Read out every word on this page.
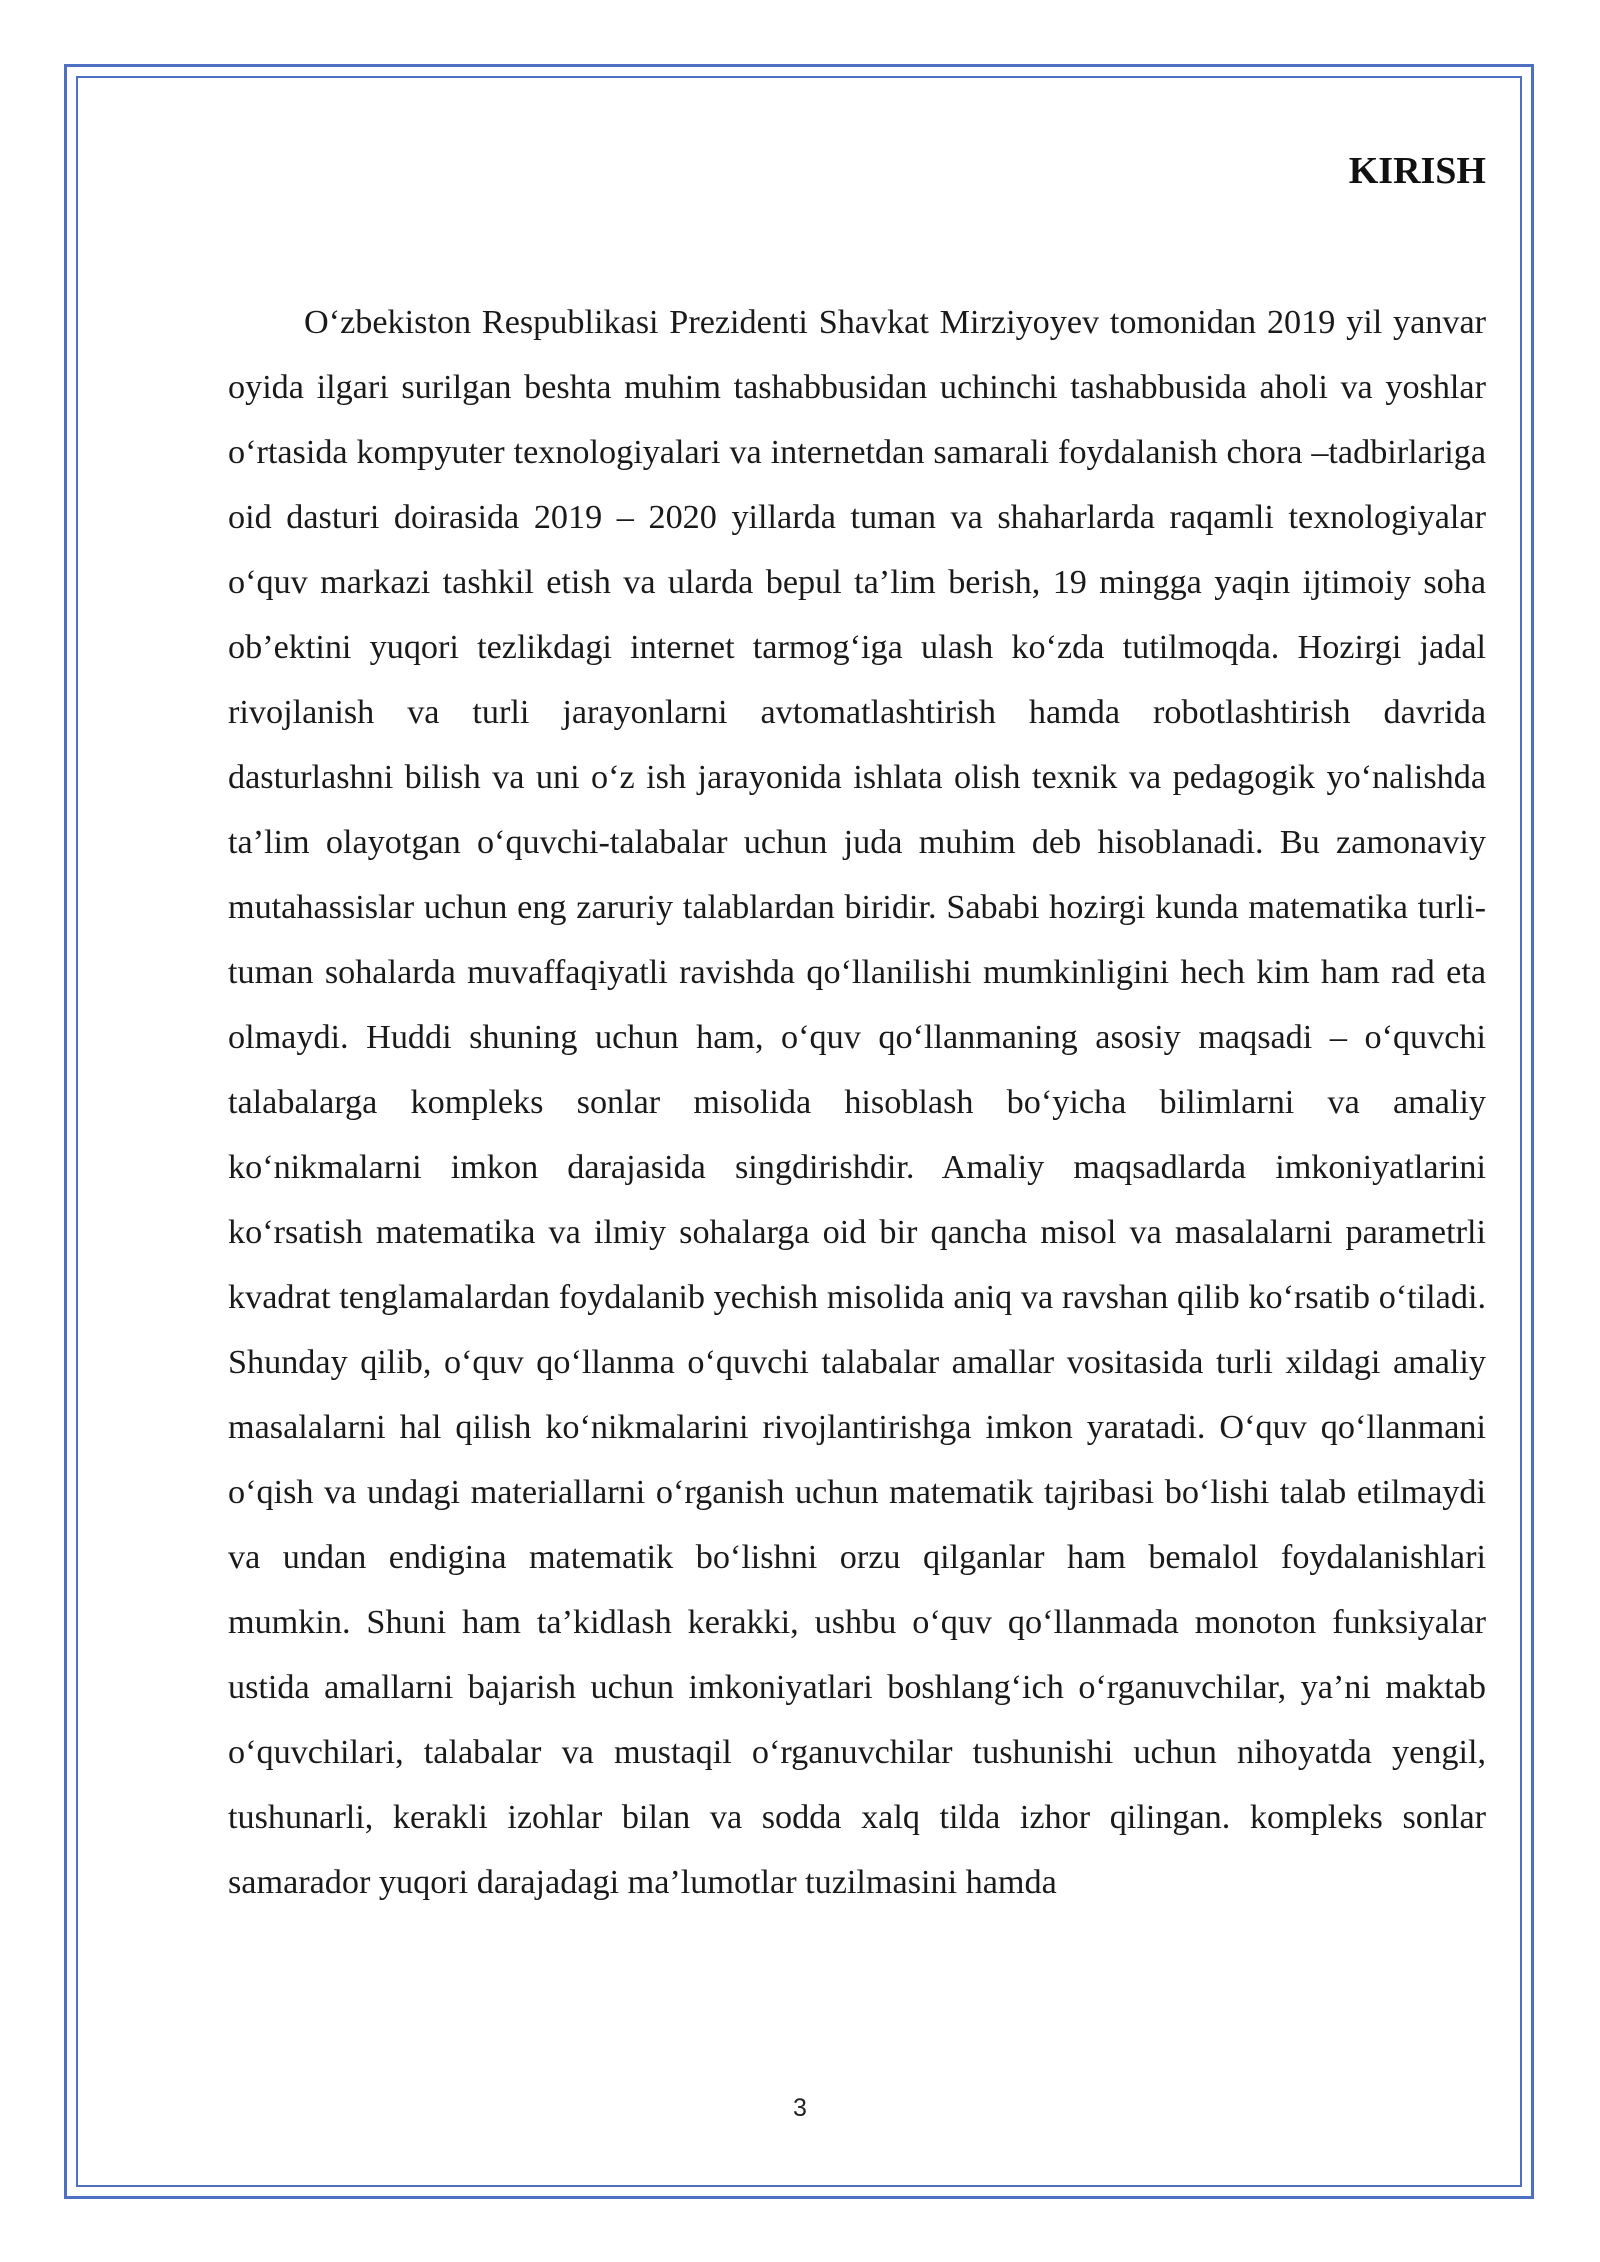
KIRISH

O‘zbekiston Respublikasi Prezidenti Shavkat Mirziyoyev tomonidan 2019 yil yanvar oyida ilgari surilgan beshta muhim tashabbusidan uchinchi tashabbusida aholi va yoshlar o‘rtasida kompyuter texnologiyalari va internetdan samarali foydalanish chora –tadbirlariga oid dasturi doirasida 2019 – 2020 yillarda tuman va shaharlarda raqamli texnologiyalar o‘quv markazi tashkil etish va ularda bepul ta’lim berish, 19 mingga yaqin ijtimoiy soha ob’ektini yuqori tezlikdagi internet tarmog‘iga ulash ko‘zda tutilmoqda. Hozirgi jadal rivojlanish va turli jarayonlarni avtomatlashtirish hamda robotlashtirish davrida dasturlashni bilish va uni o‘z ish jarayonida ishlata olish texnik va pedagogik yo‘nalishda ta’lim olayotgan o‘quvchi-talabalar uchun juda muhim deb hisoblanadi. Bu zamonaviy mutahassislar uchun eng zaruriy talablardan biridir. Sababi hozirgi kunda matematika turli-tuman sohalarda muvaffaqiyatli ravishda qo‘llanilishi mumkinligini hech kim ham rad eta olmaydi. Huddi shuning uchun ham, o‘quv qo‘llanmaning asosiy maqsadi – o‘quvchi talabalarga kompleks sonlar misolida hisoblash bo‘yicha bilimlarni va amaliy ko‘nikmalarni imkon darajasida singdirishdir. Amaliy maqsadlarda imkoniyatlarini ko‘rsatish matematika va ilmiy sohalarga oid bir qancha misol va masalalarni parametrli kvadrat tenglamalardan foydalanib yechish misolida aniq va ravshan qilib ko‘rsatib o‘tiladi. Shunday qilib, o‘quv qo‘llanma o‘quvchi talabalar amallar vositasida turli xildagi amaliy masalalarni hal qilish ko‘nikmalarini rivojlantirishga imkon yaratadi. O‘quv qo‘llanmani o‘qish va undagi materiallarni o‘rganish uchun matematik tajribasi bo‘lishi talab etilmaydi va undan endigina matematik bo‘lishni orzu qilganlar ham bemalol foydalanishlari mumkin. Shuni ham ta’kidlash kerakki, ushbu o‘quv qo‘llanmada monoton funksiyalar ustida amallarni bajarish uchun imkoniyatlari boshlang‘ich o‘rganuvchilar, ya’ni maktab o‘quvchilari, talabalar va mustaqil o‘rganuvchilar tushunishi uchun nihoyatda yengil, tushunarli, kerakli izohlar bilan va sodda xalq tilda izhor qilingan. kompleks sonlar samarador yuqori darajadagi ma’lumotlar tuzilmasini hamda

3
